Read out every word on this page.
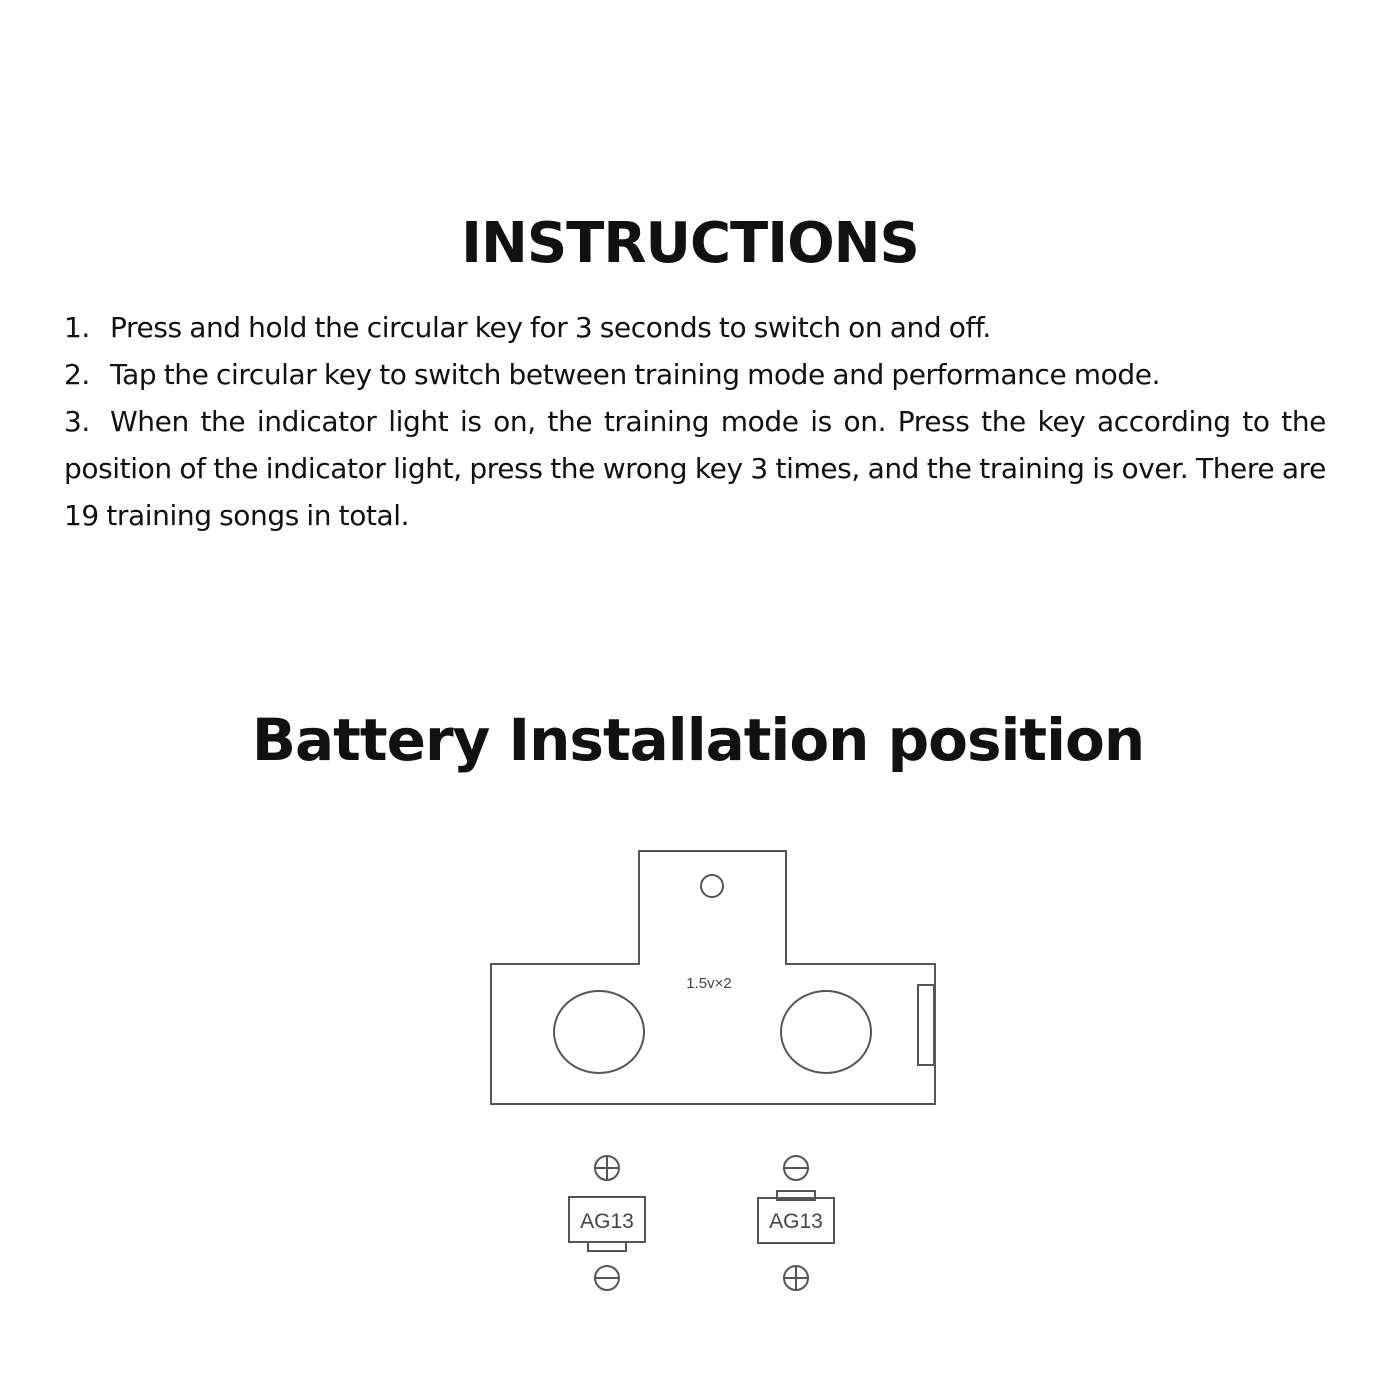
INSTRUCTIONS

1. Press and hold the circular key for 3 seconds to switch on and off.

2. Tap the circular key to switch between training mode and performance mode.

3. When the indicator light is on, the training mode is on. Press the key according to the position of the indicator light, press the wrong key 3 times, and the training is over. There are 19 training songs in total.

Battery Installation position
1.5v×2
AG13	AG13
